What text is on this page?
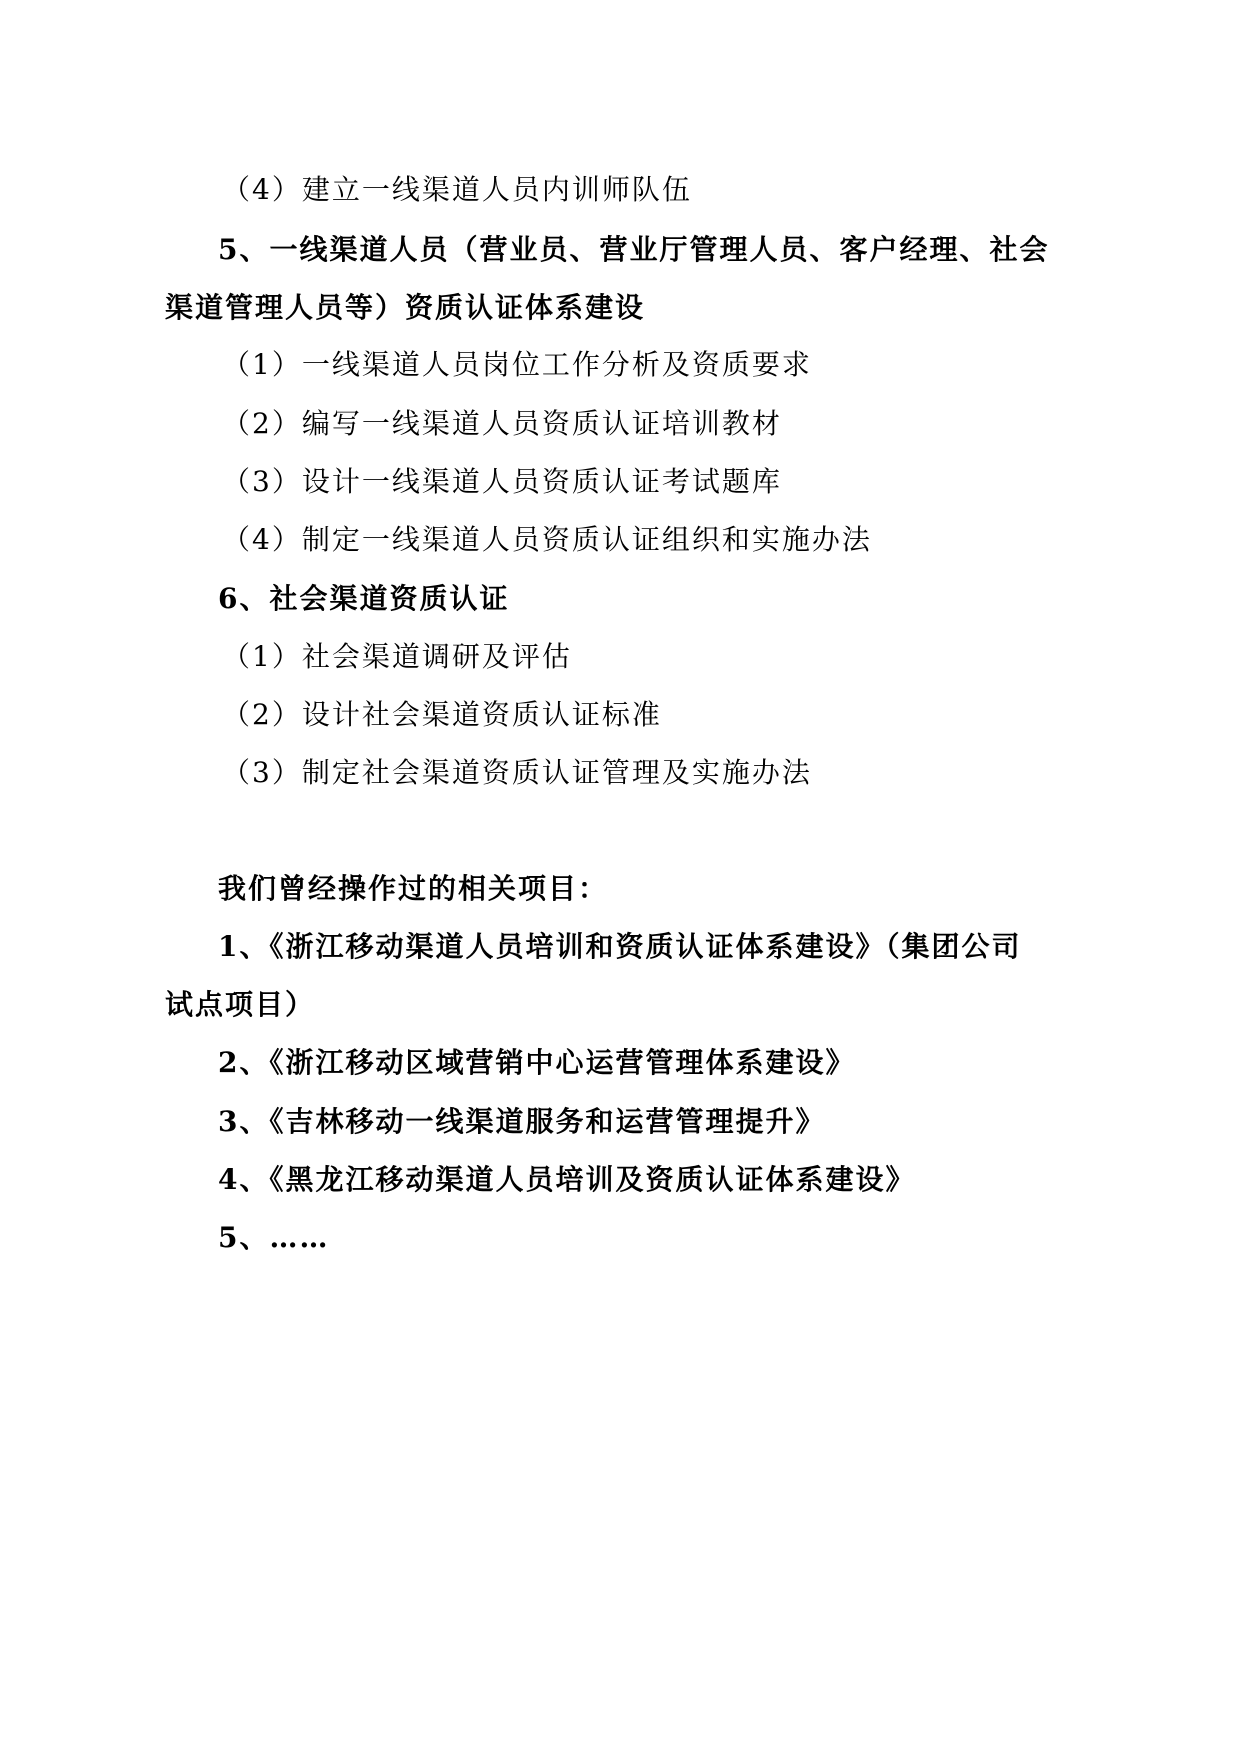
（4）建立一线渠道人员内训师队伍
5、一线渠道人员（营业员、营业厅管理人员、客户经理、社会
渠道管理人员等）资质认证体系建设
（1）一线渠道人员岗位工作分析及资质要求
（2）编写一线渠道人员资质认证培训教材
（3）设计一线渠道人员资质认证考试题库
（4）制定一线渠道人员资质认证组织和实施办法
6、社会渠道资质认证
（1）社会渠道调研及评估
（2）设计社会渠道资质认证标准
（3）制定社会渠道资质认证管理及实施办法
我们曾经操作过的相关项目：
1、《浙江移动渠道人员培训和资质认证体系建设》（集团公司
试点项目）
2、《浙江移动区域营销中心运营管理体系建设》
3、《吉林移动一线渠道服务和运营管理提升》
4、《黑龙江移动渠道人员培训及资质认证体系建设》
5、……
